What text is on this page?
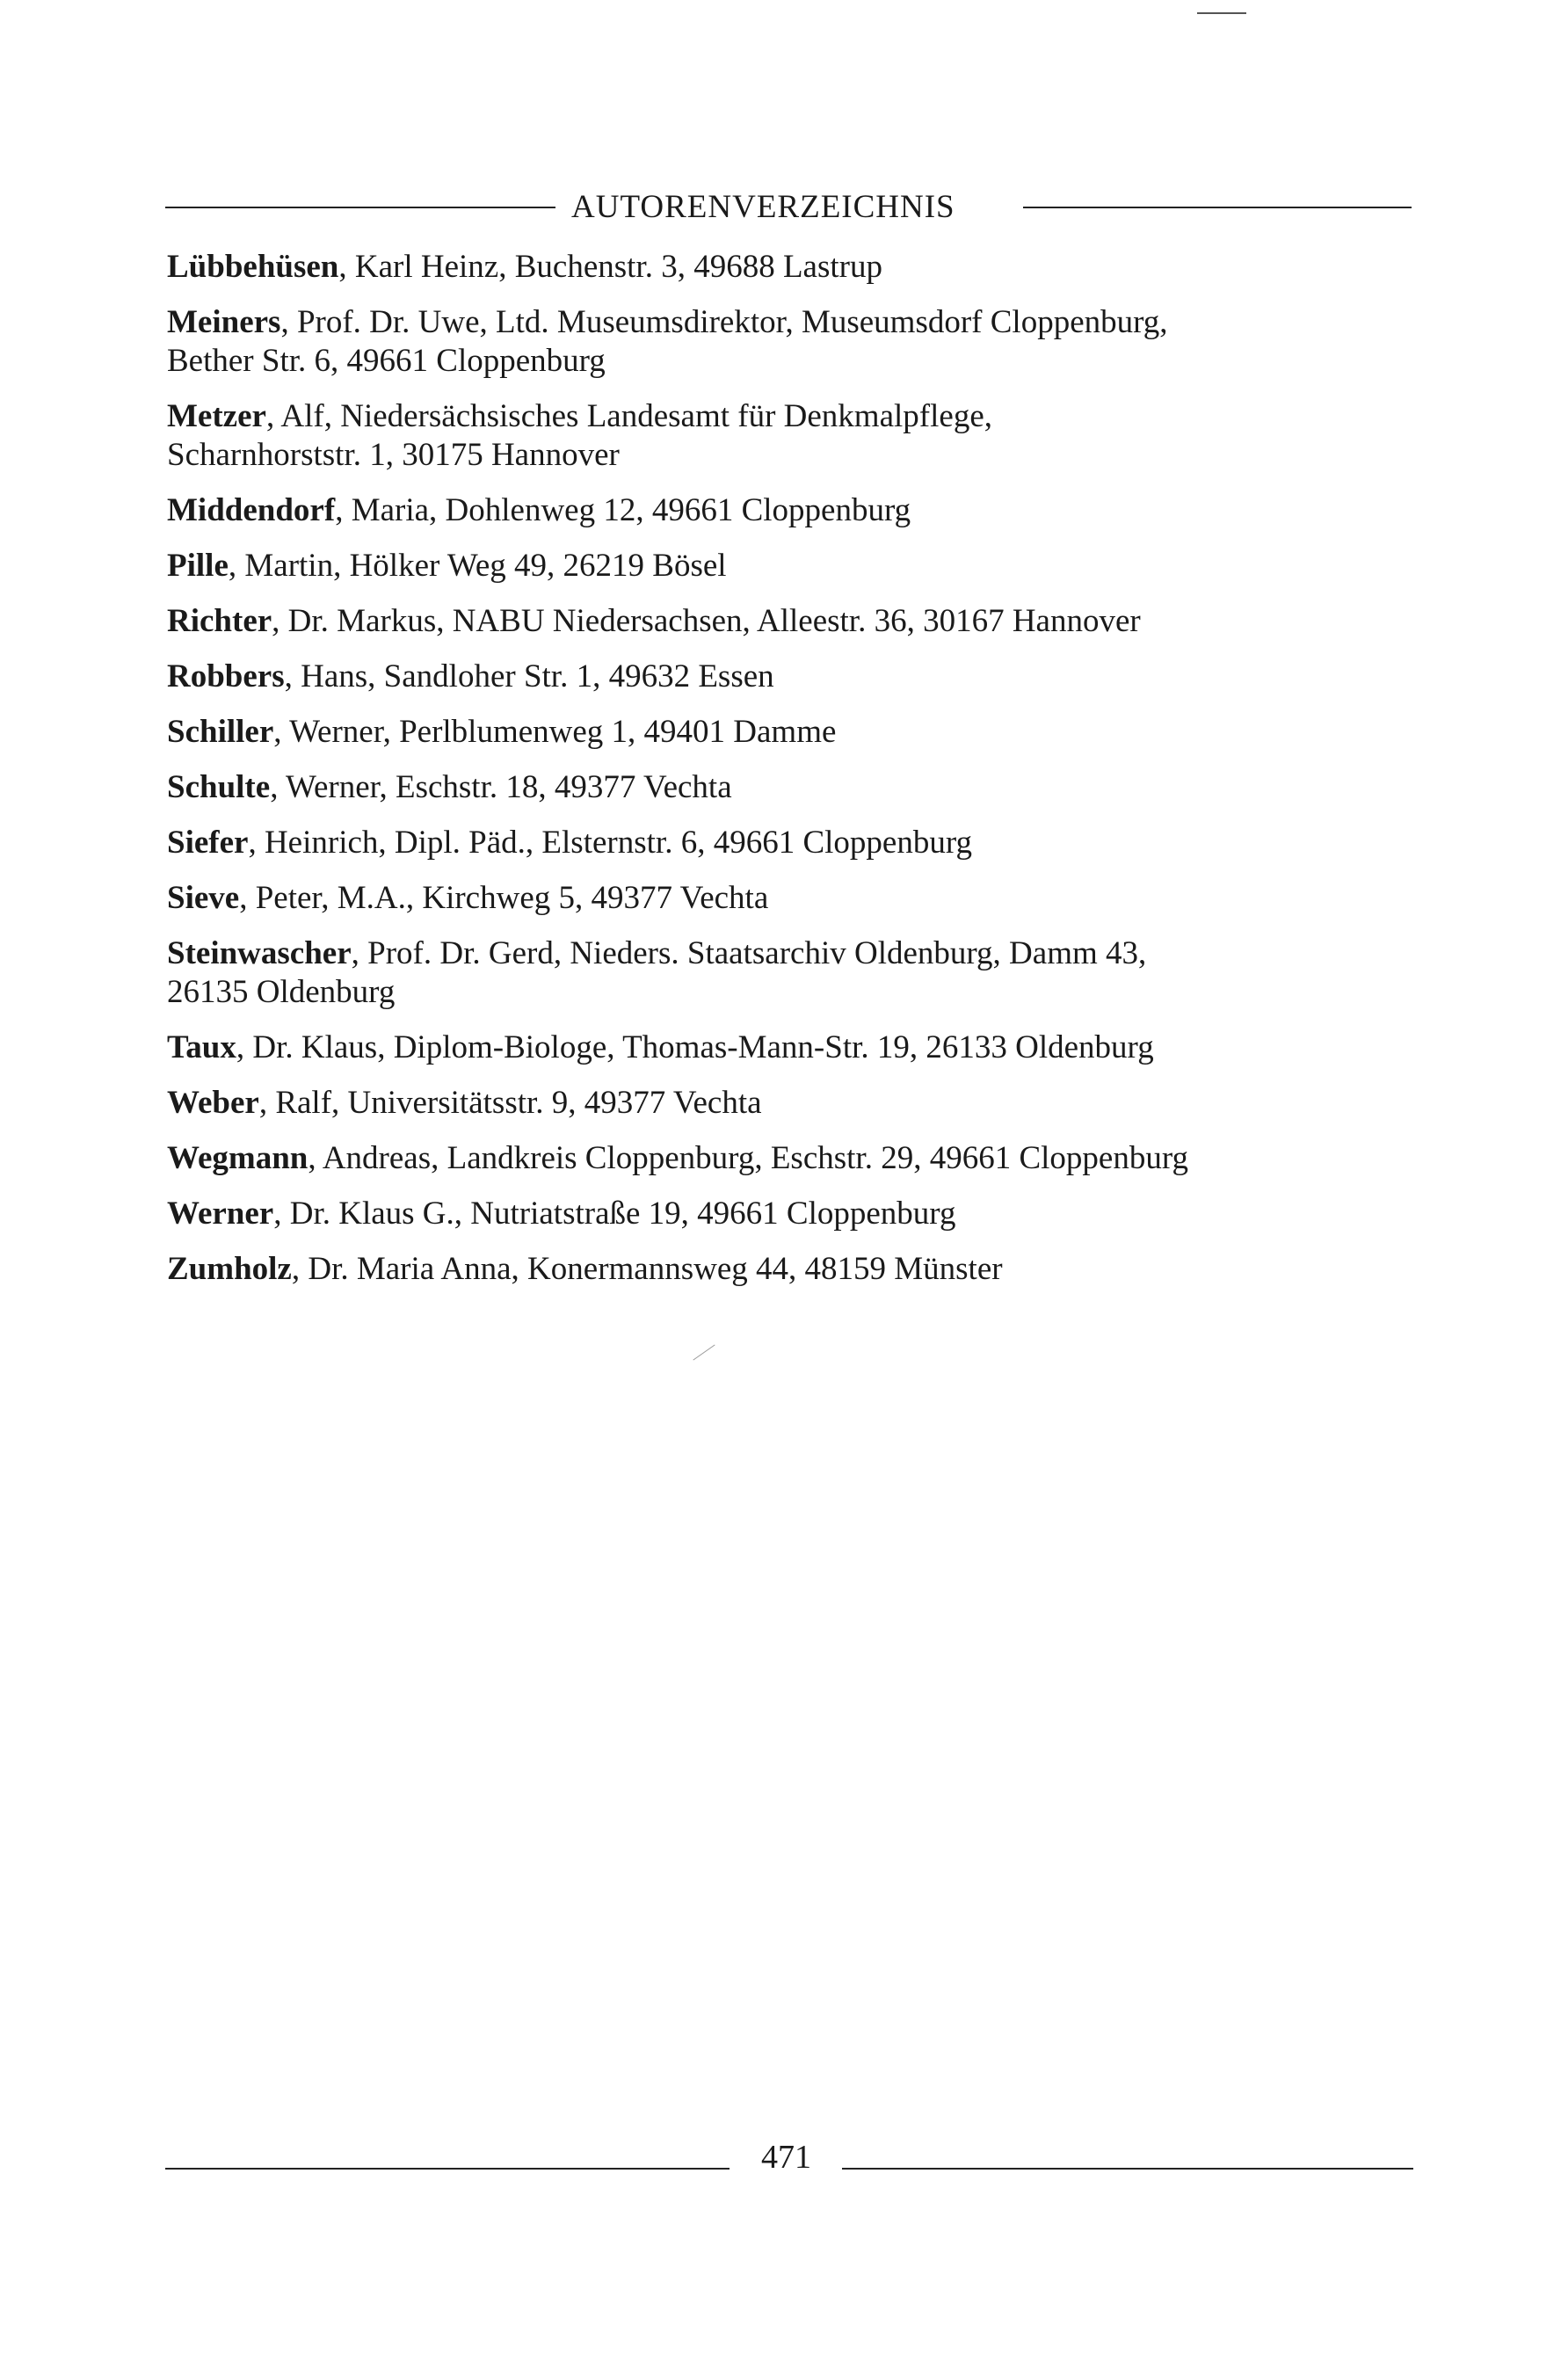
AUTORENVERZEICHNIS
Lübbehüsen, Karl Heinz, Buchenstr. 3, 49688 Lastrup
Meiners, Prof. Dr. Uwe, Ltd. Museumsdirektor, Museumsdorf Cloppenburg,
Bether Str. 6, 49661 Cloppenburg
Metzer, Alf, Niedersächsisches Landesamt für Denkmalpflege,
Scharnhorststr. 1, 30175 Hannover
Middendorf, Maria, Dohlenweg 12, 49661 Cloppenburg
Pille, Martin, Hölker Weg 49, 26219 Bösel
Richter, Dr. Markus, NABU Niedersachsen, Alleestr. 36, 30167 Hannover
Robbers, Hans, Sandloher Str. 1, 49632 Essen
Schiller, Werner, Perlblumenweg 1, 49401 Damme
Schulte, Werner, Eschstr. 18, 49377 Vechta
Siefer, Heinrich, Dipl. Päd., Elsternstr. 6, 49661 Cloppenburg
Sieve, Peter, M.A., Kirchweg 5, 49377 Vechta
Steinwascher, Prof. Dr. Gerd, Nieders. Staatsarchiv Oldenburg, Damm 43,
26135 Oldenburg
Taux, Dr. Klaus, Diplom-Biologe, Thomas-Mann-Str. 19, 26133 Oldenburg
Weber, Ralf, Universitätsstr. 9, 49377 Vechta
Wegmann, Andreas, Landkreis Cloppenburg, Eschstr. 29, 49661 Cloppenburg
Werner, Dr. Klaus G., Nutriatstraße 19, 49661 Cloppenburg
Zumholz, Dr. Maria Anna, Konermannsweg 44, 48159 Münster
471
